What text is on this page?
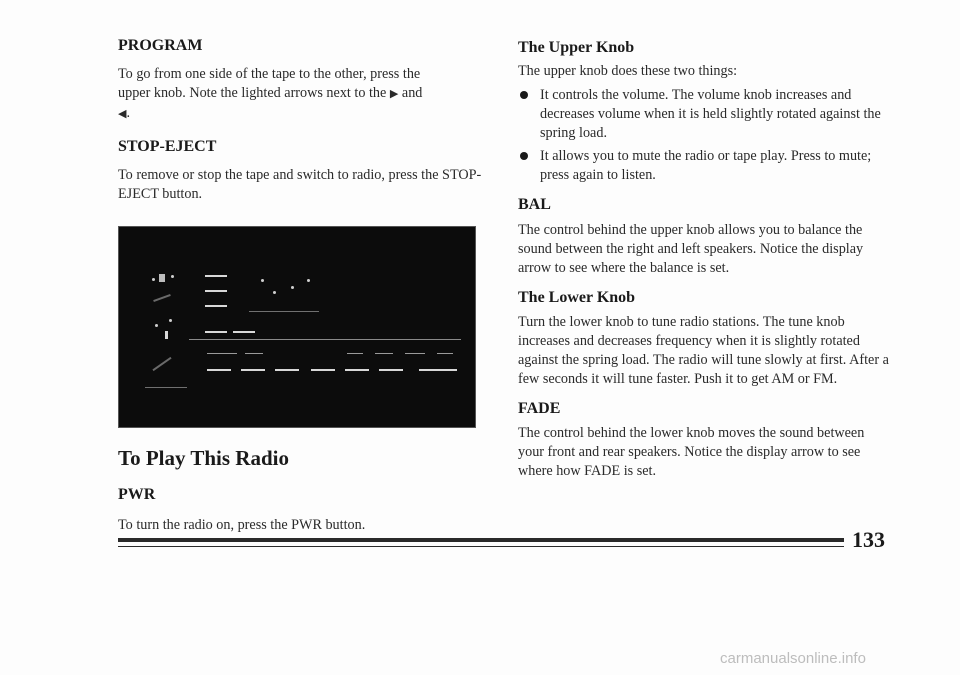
PROGRAM

To go from one side of the tape to the other, press the
upper knob. Note the lighted arrows next to the ▶ and
◀.

STOP-EJECT

To remove or stop the tape and switch to radio, press the STOP-EJECT button.

To Play This Radio
PWR

To turn the radio on, press the PWR button.

The Upper Knob

The upper knob does these two things:

It controls the volume. The volume knob increases and decreases volume when it is held slightly rotated against the spring load.
It allows you to mute the radio or tape play. Press to mute; press again to listen.
BAL

The control behind the upper knob allows you to balance the sound between the right and left speakers. Notice the display arrow to see where the balance is set.

The Lower Knob

Turn the lower knob to tune radio stations. The tune knob increases and decreases frequency when it is slightly rotated against the spring load. The radio will tune slowly at first. After a few seconds it will tune faster. Push it to get AM or FM.

FADE

The control behind the lower knob moves the sound between your front and rear speakers. Notice the display arrow to see where how FADE is set.

133
carmanualsonline.info
